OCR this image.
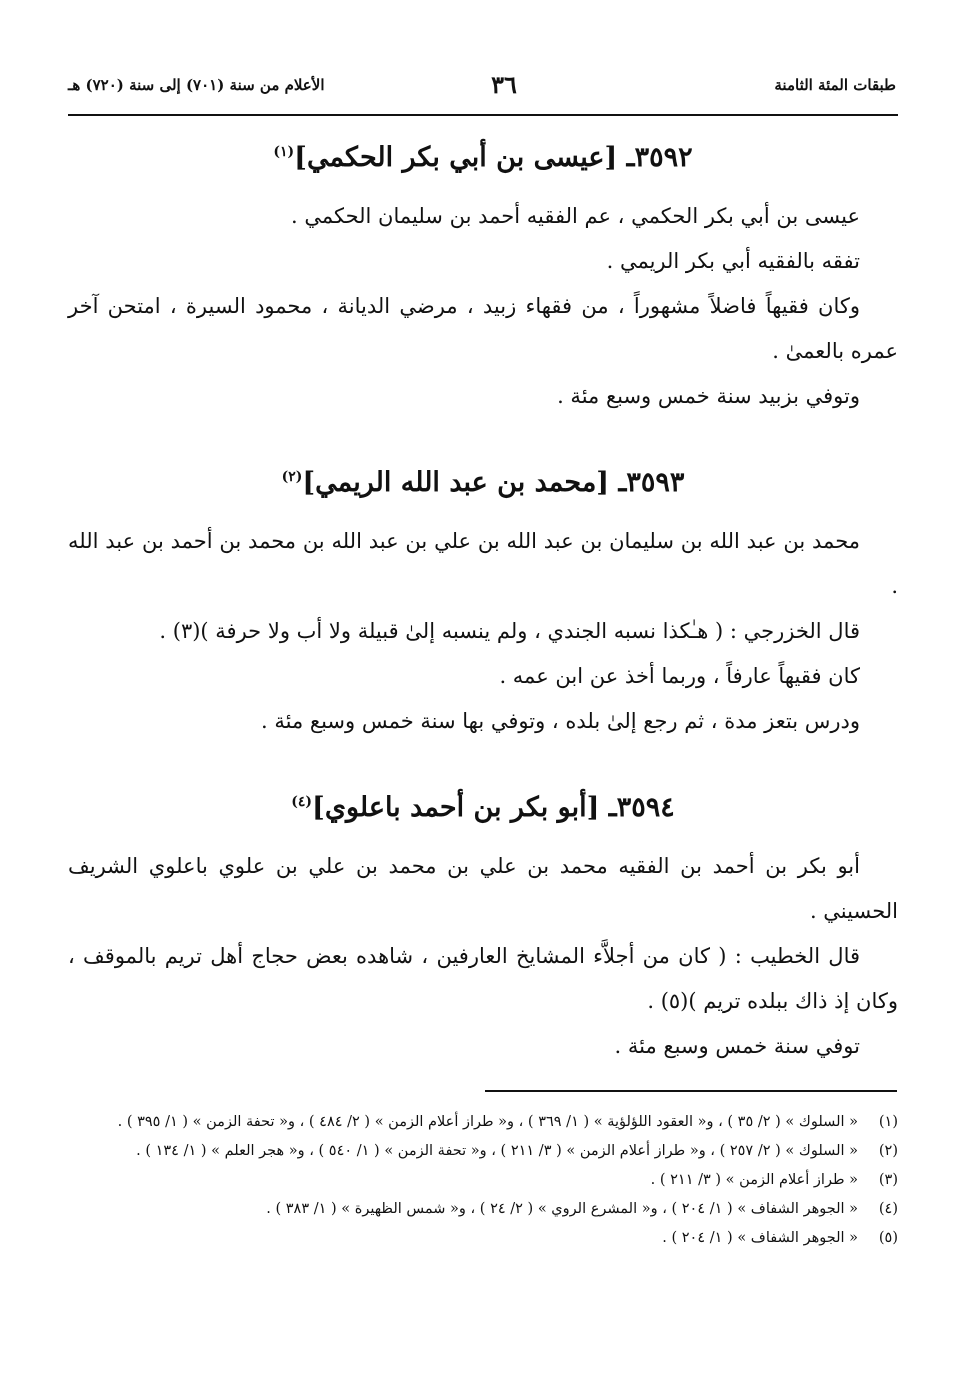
طبقات المئة الثامنة
٣٦
الأعلام من سنة (٧٠١) إلى سنة (٧٢٠) هـ
٣٥٩٢ـ [عيسى بن أبي بكر الحكمي]$^{(١)}$

عيسى بن أبي بكر الحكمي ، عم الفقيه أحمد بن سليمان الحكمي .

تفقه بالفقيه أبي بكر الريمي .

وكان فقيهاً فاضلاً مشهوراً ، من فقهاء زبيد ، مرضي الديانة ، محمود السيرة ، امتحن آخر عمره بالعمىٰ .

وتوفي بزبيد سنة خمس وسبع مئة .

٣٥٩٣ـ [محمد بن عبد الله الريمي]$^{(٢)}$

محمد بن عبد الله بن سليمان بن عبد الله بن علي بن عبد الله بن محمد بن أحمد بن عبد الله .

قال الخزرجي : ( هـٰكذا نسبه الجندي ، ولم ينسبه إلىٰ قبيلة ولا أب ولا حرفة )(٣) .

كان فقيهاً عارفاً ، وربما أخذ عن ابن عمه .

ودرس بتعز مدة ، ثم رجع إلىٰ بلده ، وتوفي بها سنة خمس وسبع مئة .

٣٥٩٤ـ [أبو بكر بن أحمد باعلوي]$^{(٤)}$

أبو بكر بن أحمد بن الفقيه محمد بن علي بن محمد بن علي بن علوي باعلوي الشريف الحسيني .

قال الخطيب : ( كان من أجلاَّء المشايخ العارفين ، شاهده بعض حجاج أهل تريم بالموقف ، وكان إذ ذاك ببلده تريم )(٥) .

توفي سنة خمس وسبع مئة .

(١)
« السلوك » ( ٢/ ٣٥ ) ، و« العقود اللؤلؤية » ( ١/ ٣٦٩ ) ، و« طراز أعلام الزمن » ( ٢/ ٤٨٤ ) ، و« تحفة الزمن » ( ١/ ٣٩٥ ) .
(٢)
« السلوك » ( ٢/ ٢٥٧ ) ، و« طراز أعلام الزمن » ( ٣/ ٢١١ ) ، و« تحفة الزمن » ( ١/ ٥٤٠ ) ، و« هجر العلم » ( ١/ ١٣٤ ) .
(٣)
« طراز أعلام الزمن » ( ٣/ ٢١١ ) .
(٤)
« الجوهر الشفاف » ( ١/ ٢٠٤ ) ، و« المشرع الروي » ( ٢/ ٢٤ ) ، و« شمس الظهيرة » ( ١/ ٣٨٣ ) .
(٥)
« الجوهر الشفاف » ( ١/ ٢٠٤ ) .
